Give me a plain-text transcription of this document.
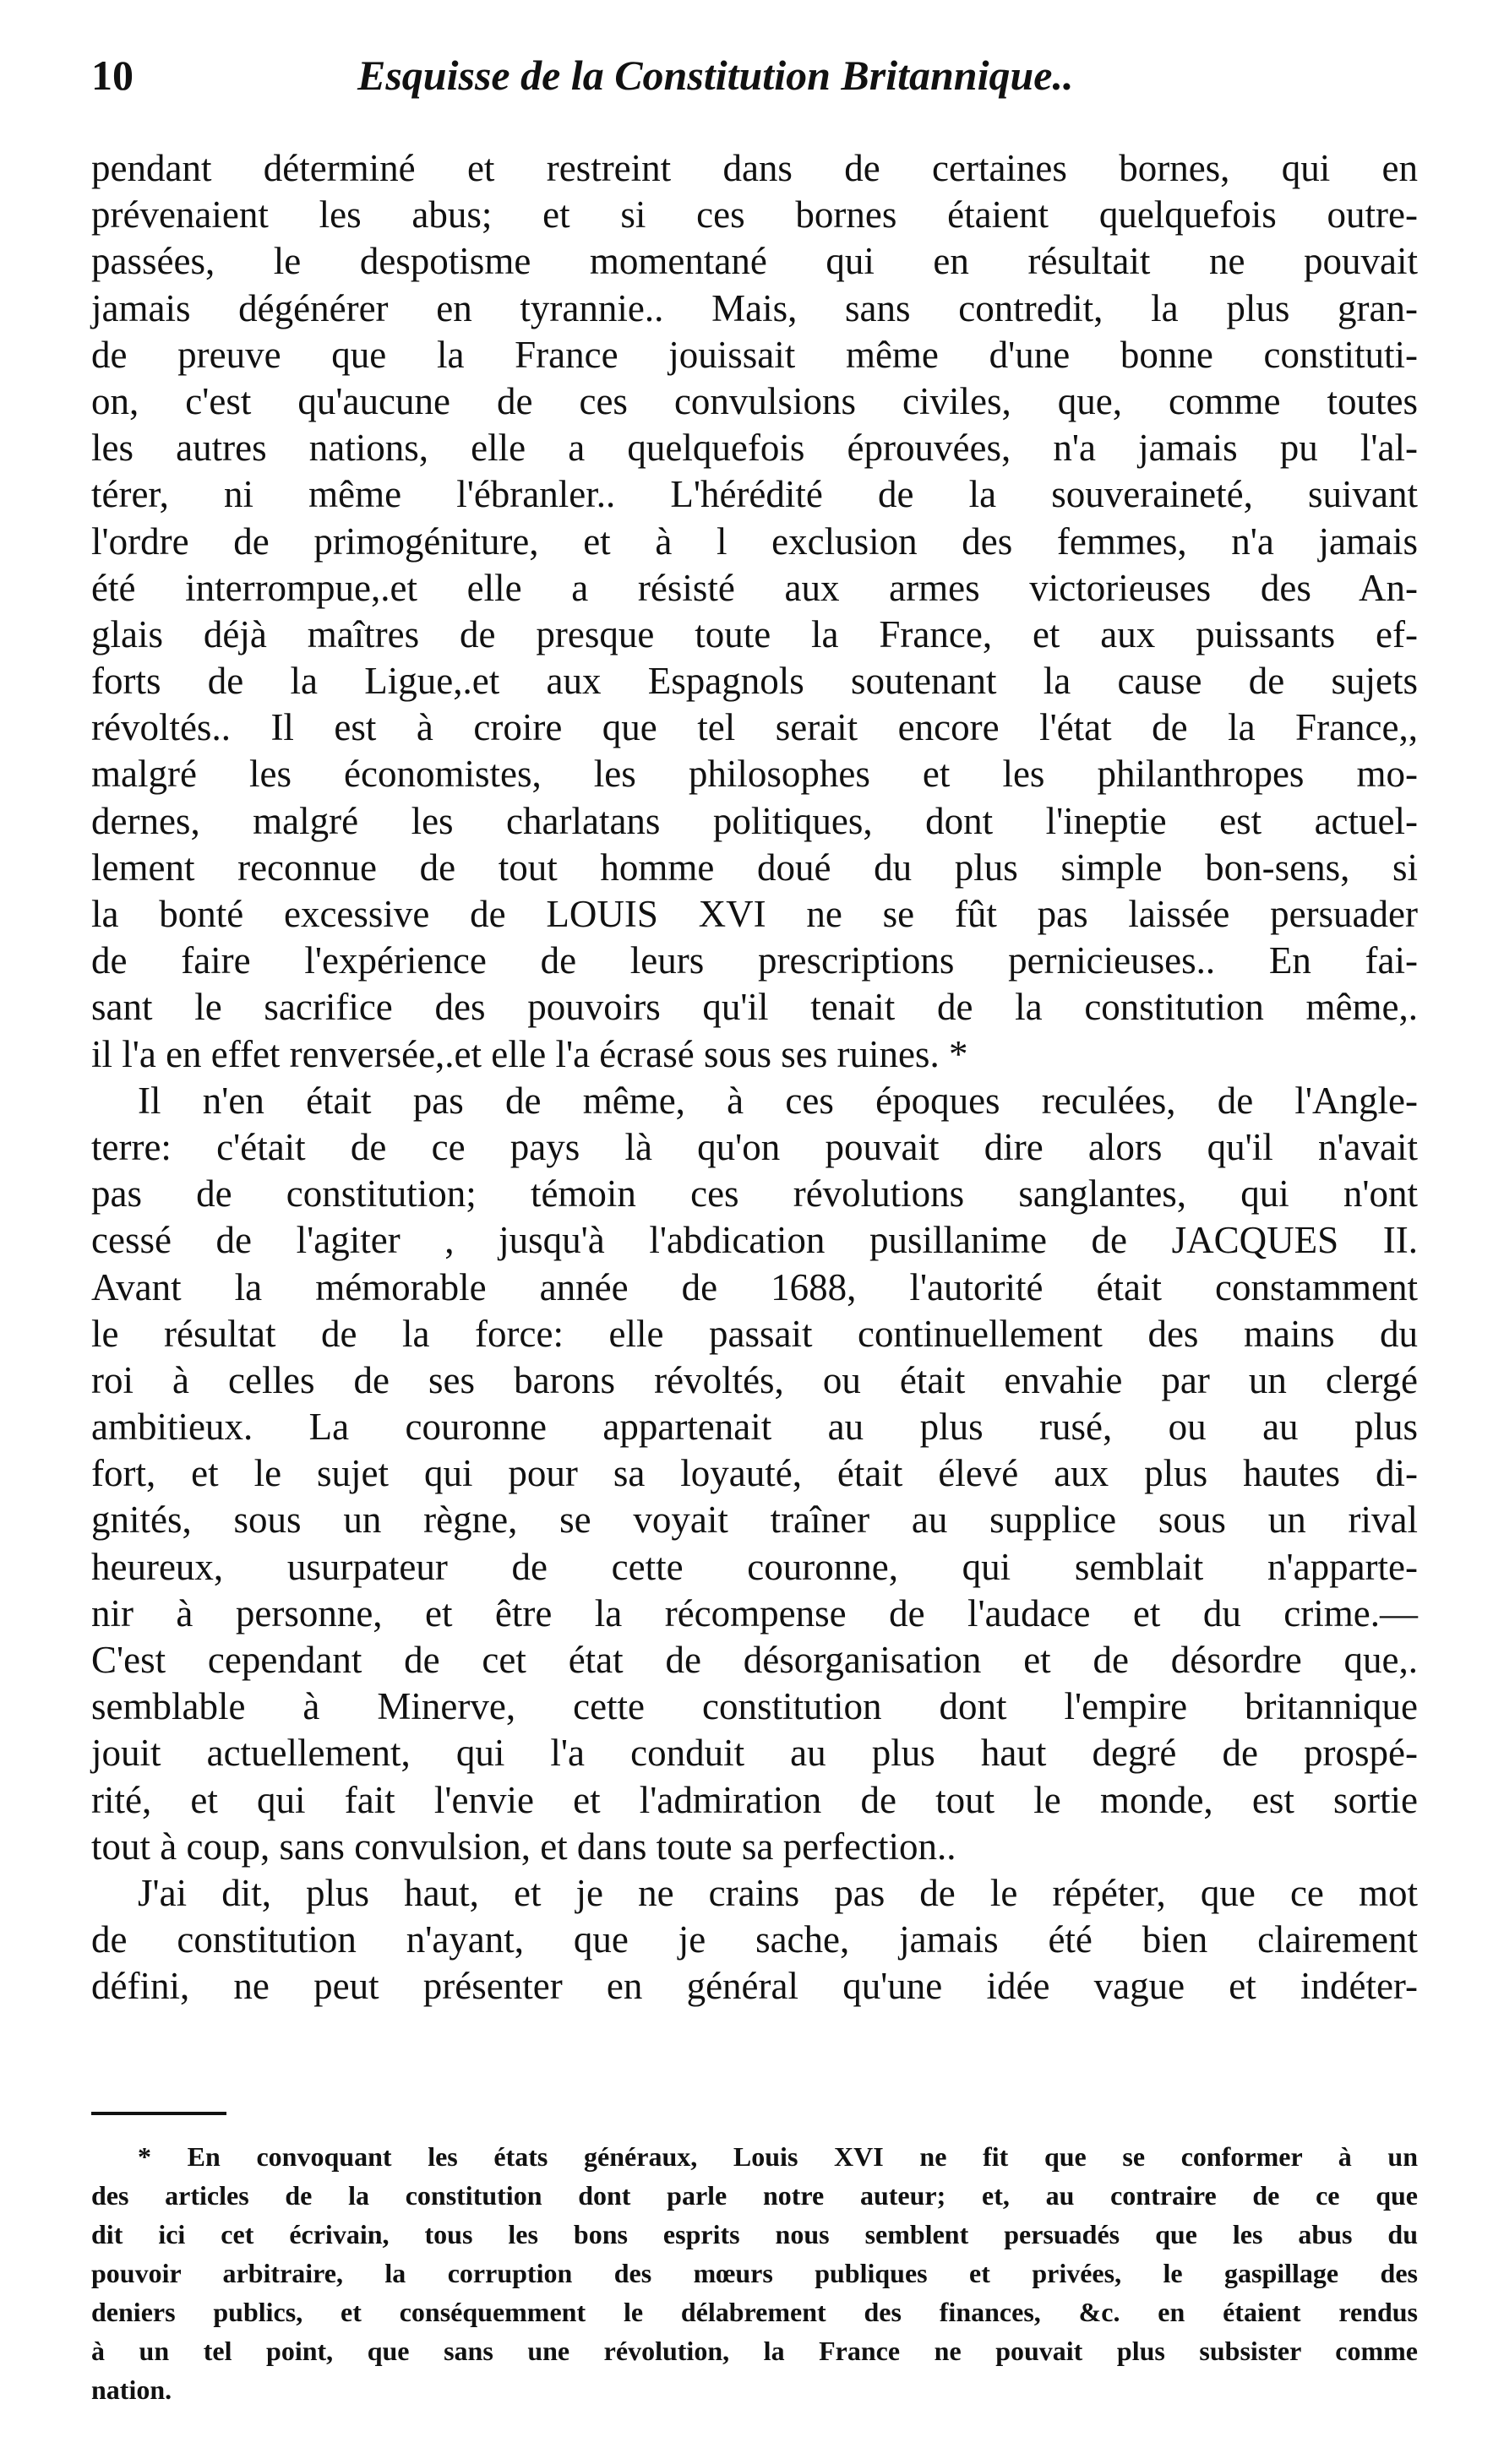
10	Esquisse de la Constitution Britannique..
pendant déterminé et restreint dans de certaines bornes, qui en
prévenaient les abus; et si ces bornes étaient quelquefois outre-
passées, le despotisme momentané qui en résultait ne pouvait
jamais dégénérer en tyrannie.. Mais, sans contredit, la plus gran-
de preuve que la France jouissait même d'une bonne constituti-
on, c'est qu'aucune de ces convulsions civiles, que, comme toutes
les autres nations, elle a quelquefois éprouvées, n'a jamais pu l'al-
térer, ni même l'ébranler.. L'hérédité de la souveraineté, suivant
l'ordre de primogéniture, et à l exclusion des femmes, n'a jamais
été interrompue,.et elle a résisté aux armes victorieuses des An-
glais déjà maîtres de presque toute la France, et aux puissants ef-
forts de la Ligue,.et aux Espagnols soutenant la cause de sujets
révoltés.. Il est à croire que tel serait encore l'état de la France,,
malgré les économistes, les philosophes et les philanthropes mo-
dernes, malgré les charlatans politiques, dont l'ineptie est actuel-
lement reconnue de tout homme doué du plus simple bon-sens, si
la bonté excessive de LOUIS XVI ne se fût pas laissée persuader
de faire l'expérience de leurs prescriptions pernicieuses.. En fai-
sant le sacrifice des pouvoirs qu'il tenait de la constitution même,.
il l'a en effet renversée,.et elle l'a écrasé sous ses ruines. *
Il n'en était pas de même, à ces époques reculées, de l'Angle-
terre: c'était de ce pays là qu'on pouvait dire alors qu'il n'avait
pas de constitution; témoin ces révolutions sanglantes, qui n'ont
cessé de l'agiter , jusqu'à l'abdication pusillanime de JACQUES II.
Avant la mémorable année de 1688, l'autorité était constamment
le résultat de la force: elle passait continuellement des mains du
roi à celles de ses barons révoltés, ou était envahie par un clergé
ambitieux. La couronne appartenait au plus rusé, ou au plus
fort, et le sujet qui pour sa loyauté, était élevé aux plus hautes di-
gnités, sous un règne, se voyait traîner au supplice sous un rival
heureux, usurpateur de cette couronne, qui semblait n'apparte-
nir à personne, et être la récompense de l'audace et du crime.—
C'est cependant de cet état de désorganisation et de désordre que,.
semblable à Minerve, cette constitution dont l'empire britannique
jouit actuellement, qui l'a conduit au plus haut degré de prospé-
rité, et qui fait l'envie et l'admiration de tout le monde, est sortie
tout à coup, sans convulsion, et dans toute sa perfection..
J'ai dit, plus haut, et je ne crains pas de le répéter, que ce mot
de constitution n'ayant, que je sache, jamais été bien clairement
défini, ne peut présenter en général qu'une idée vague et indéter-
* En convoquant les états généraux, Louis XVI ne fit que se conformer à un
des articles de la constitution dont parle notre auteur; et, au contraire de ce que
dit ici cet écrivain, tous les bons esprits nous semblent persuadés que les abus du
pouvoir arbitraire, la corruption des mœurs publiques et privées, le gaspillage des
deniers publics, et conséquemment le délabrement des finances, &c. en étaient rendus
à un tel point, que sans une révolution, la France ne pouvait plus subsister comme
nation.
